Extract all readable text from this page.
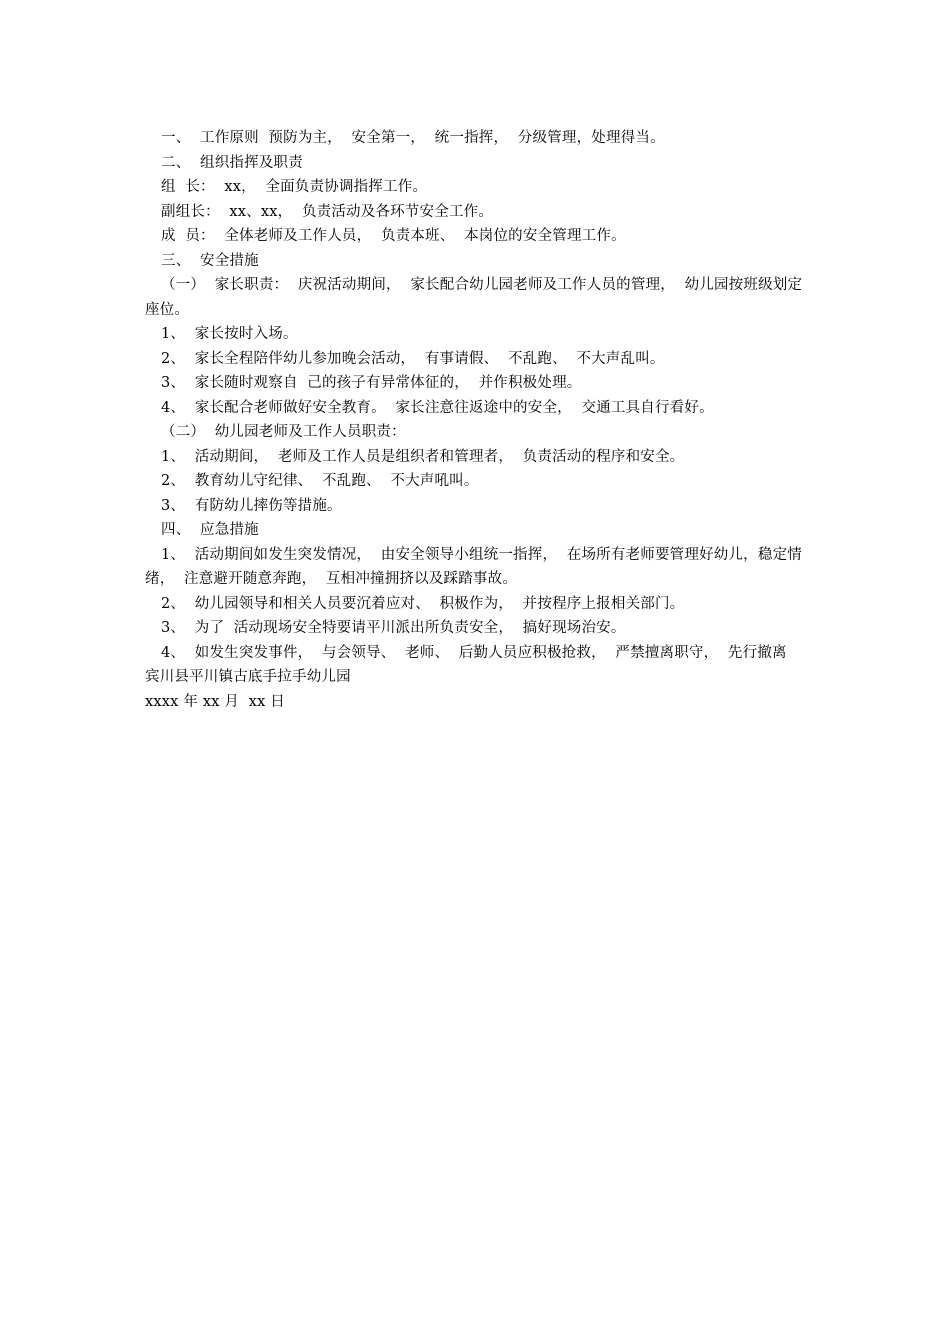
一、  工作原则  预防为主，  安全第一，  统一指挥，  分级管理，处理得当。

二、  组织指挥及职责

组  长：  xx，  全面负责协调指挥工作。

副组长：  xx、xx，  负责活动及各环节安全工作。

成  员：  全体老师及工作人员，  负责本班、  本岗位的安全管理工作。

三、  安全措施

（一）  家长职责：  庆祝活动期间，  家长配合幼儿园老师及工作人员的管理，  幼儿园按班级划定座位。

1、  家长按时入场。

2、  家长全程陪伴幼儿参加晚会活动，  有事请假、  不乱跑、  不大声乱叫。

3、  家长随时观察自  己的孩子有异常体征的，  并作积极处理。

4、  家长配合老师做好安全教育。  家长注意往返途中的安全，  交通工具自行看好。

（二）  幼儿园老师及工作人员职责：

1、  活动期间，  老师及工作人员是组织者和管理者，  负责活动的程序和安全。

2、  教育幼儿守纪律、  不乱跑、  不大声吼叫。

3、  有防幼儿摔伤等措施。

四、  应急措施

1、  活动期间如发生突发情况，  由安全领导小组统一指挥，  在场所有老师要管理好幼儿，稳定情绪，  注意避开随意奔跑，  互相冲撞拥挤以及踩踏事故。

2、  幼儿园领导和相关人员要沉着应对、  积极作为，  并按程序上报相关部门。

3、  为了  活动现场安全特要请平川派出所负责安全，  搞好现场治安。

4、  如发生突发事件，  与会领导、  老师、  后勤人员应积极抢救，  严禁擅离职守，  先行撤离

宾川县平川镇古底手拉手幼儿园

xxxx 年 xx 月  xx 日
